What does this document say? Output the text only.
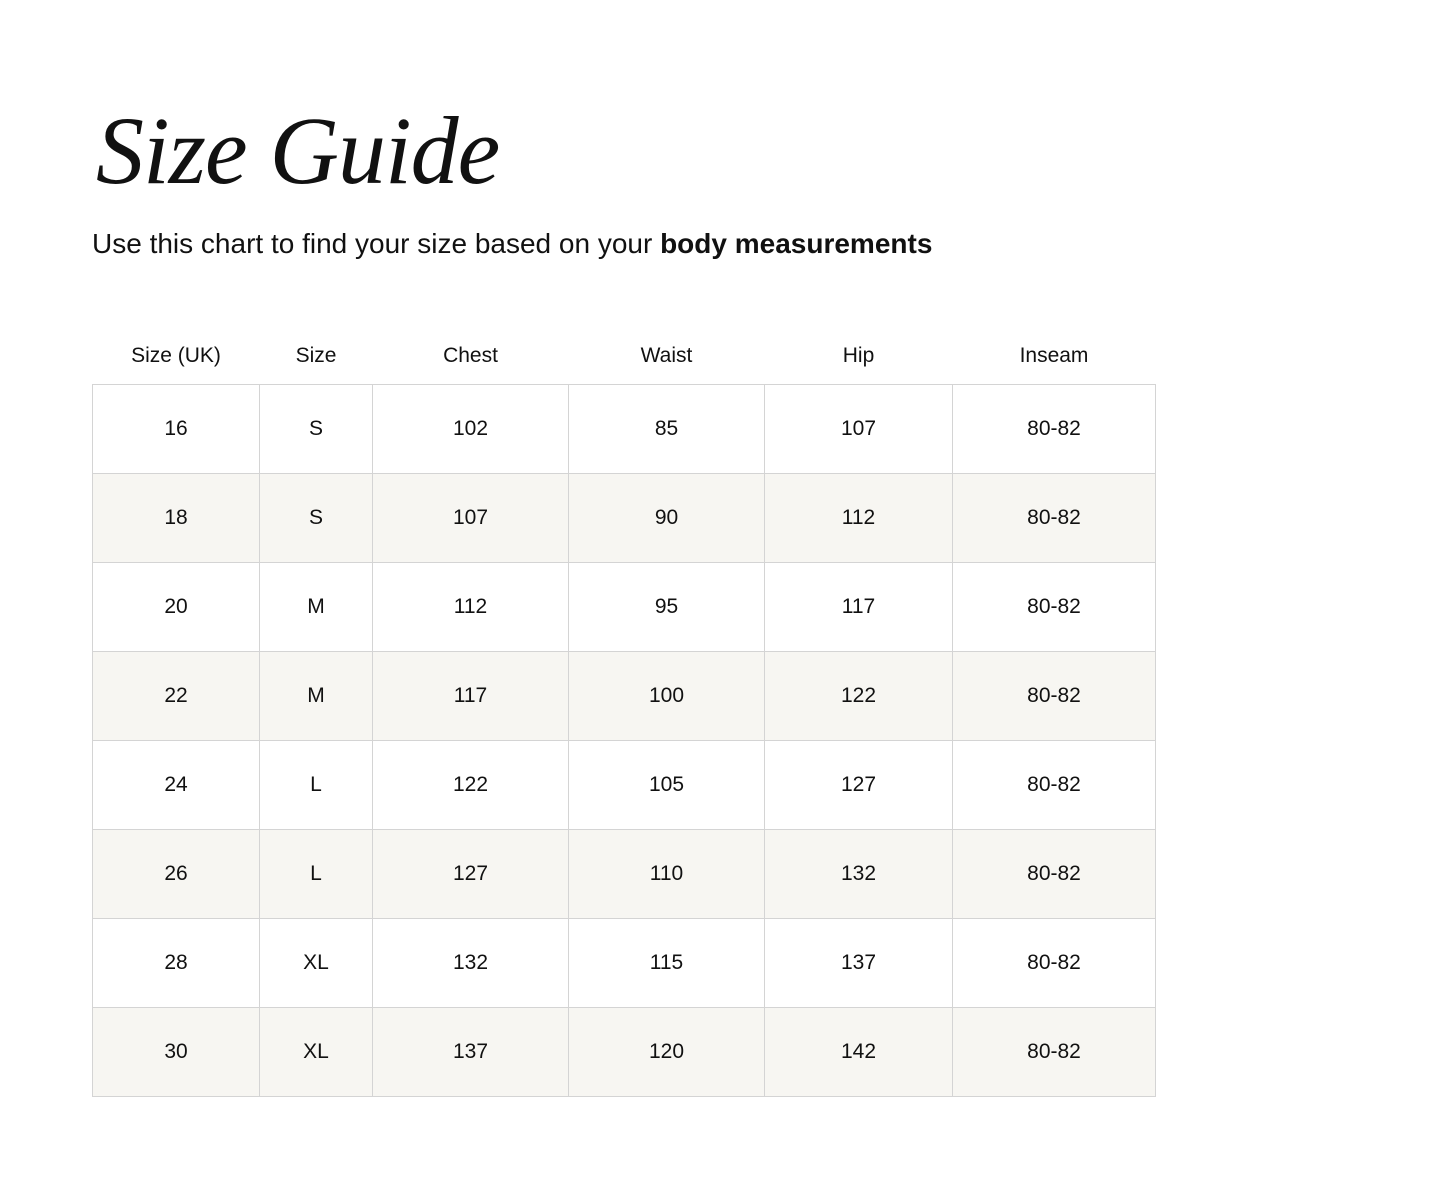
Size Guide

Use this chart to find your size based on your body measurements

Size (UK)	Size	Chest	Waist	Hip	Inseam
16	S	102	85	107	80-82
18	S	107	90	112	80-82
20	M	112	95	117	80-82
22	M	117	100	122	80-82
24	L	122	105	127	80-82
26	L	127	110	132	80-82
28	XL	132	115	137	80-82
30	XL	137	120	142	80-82
